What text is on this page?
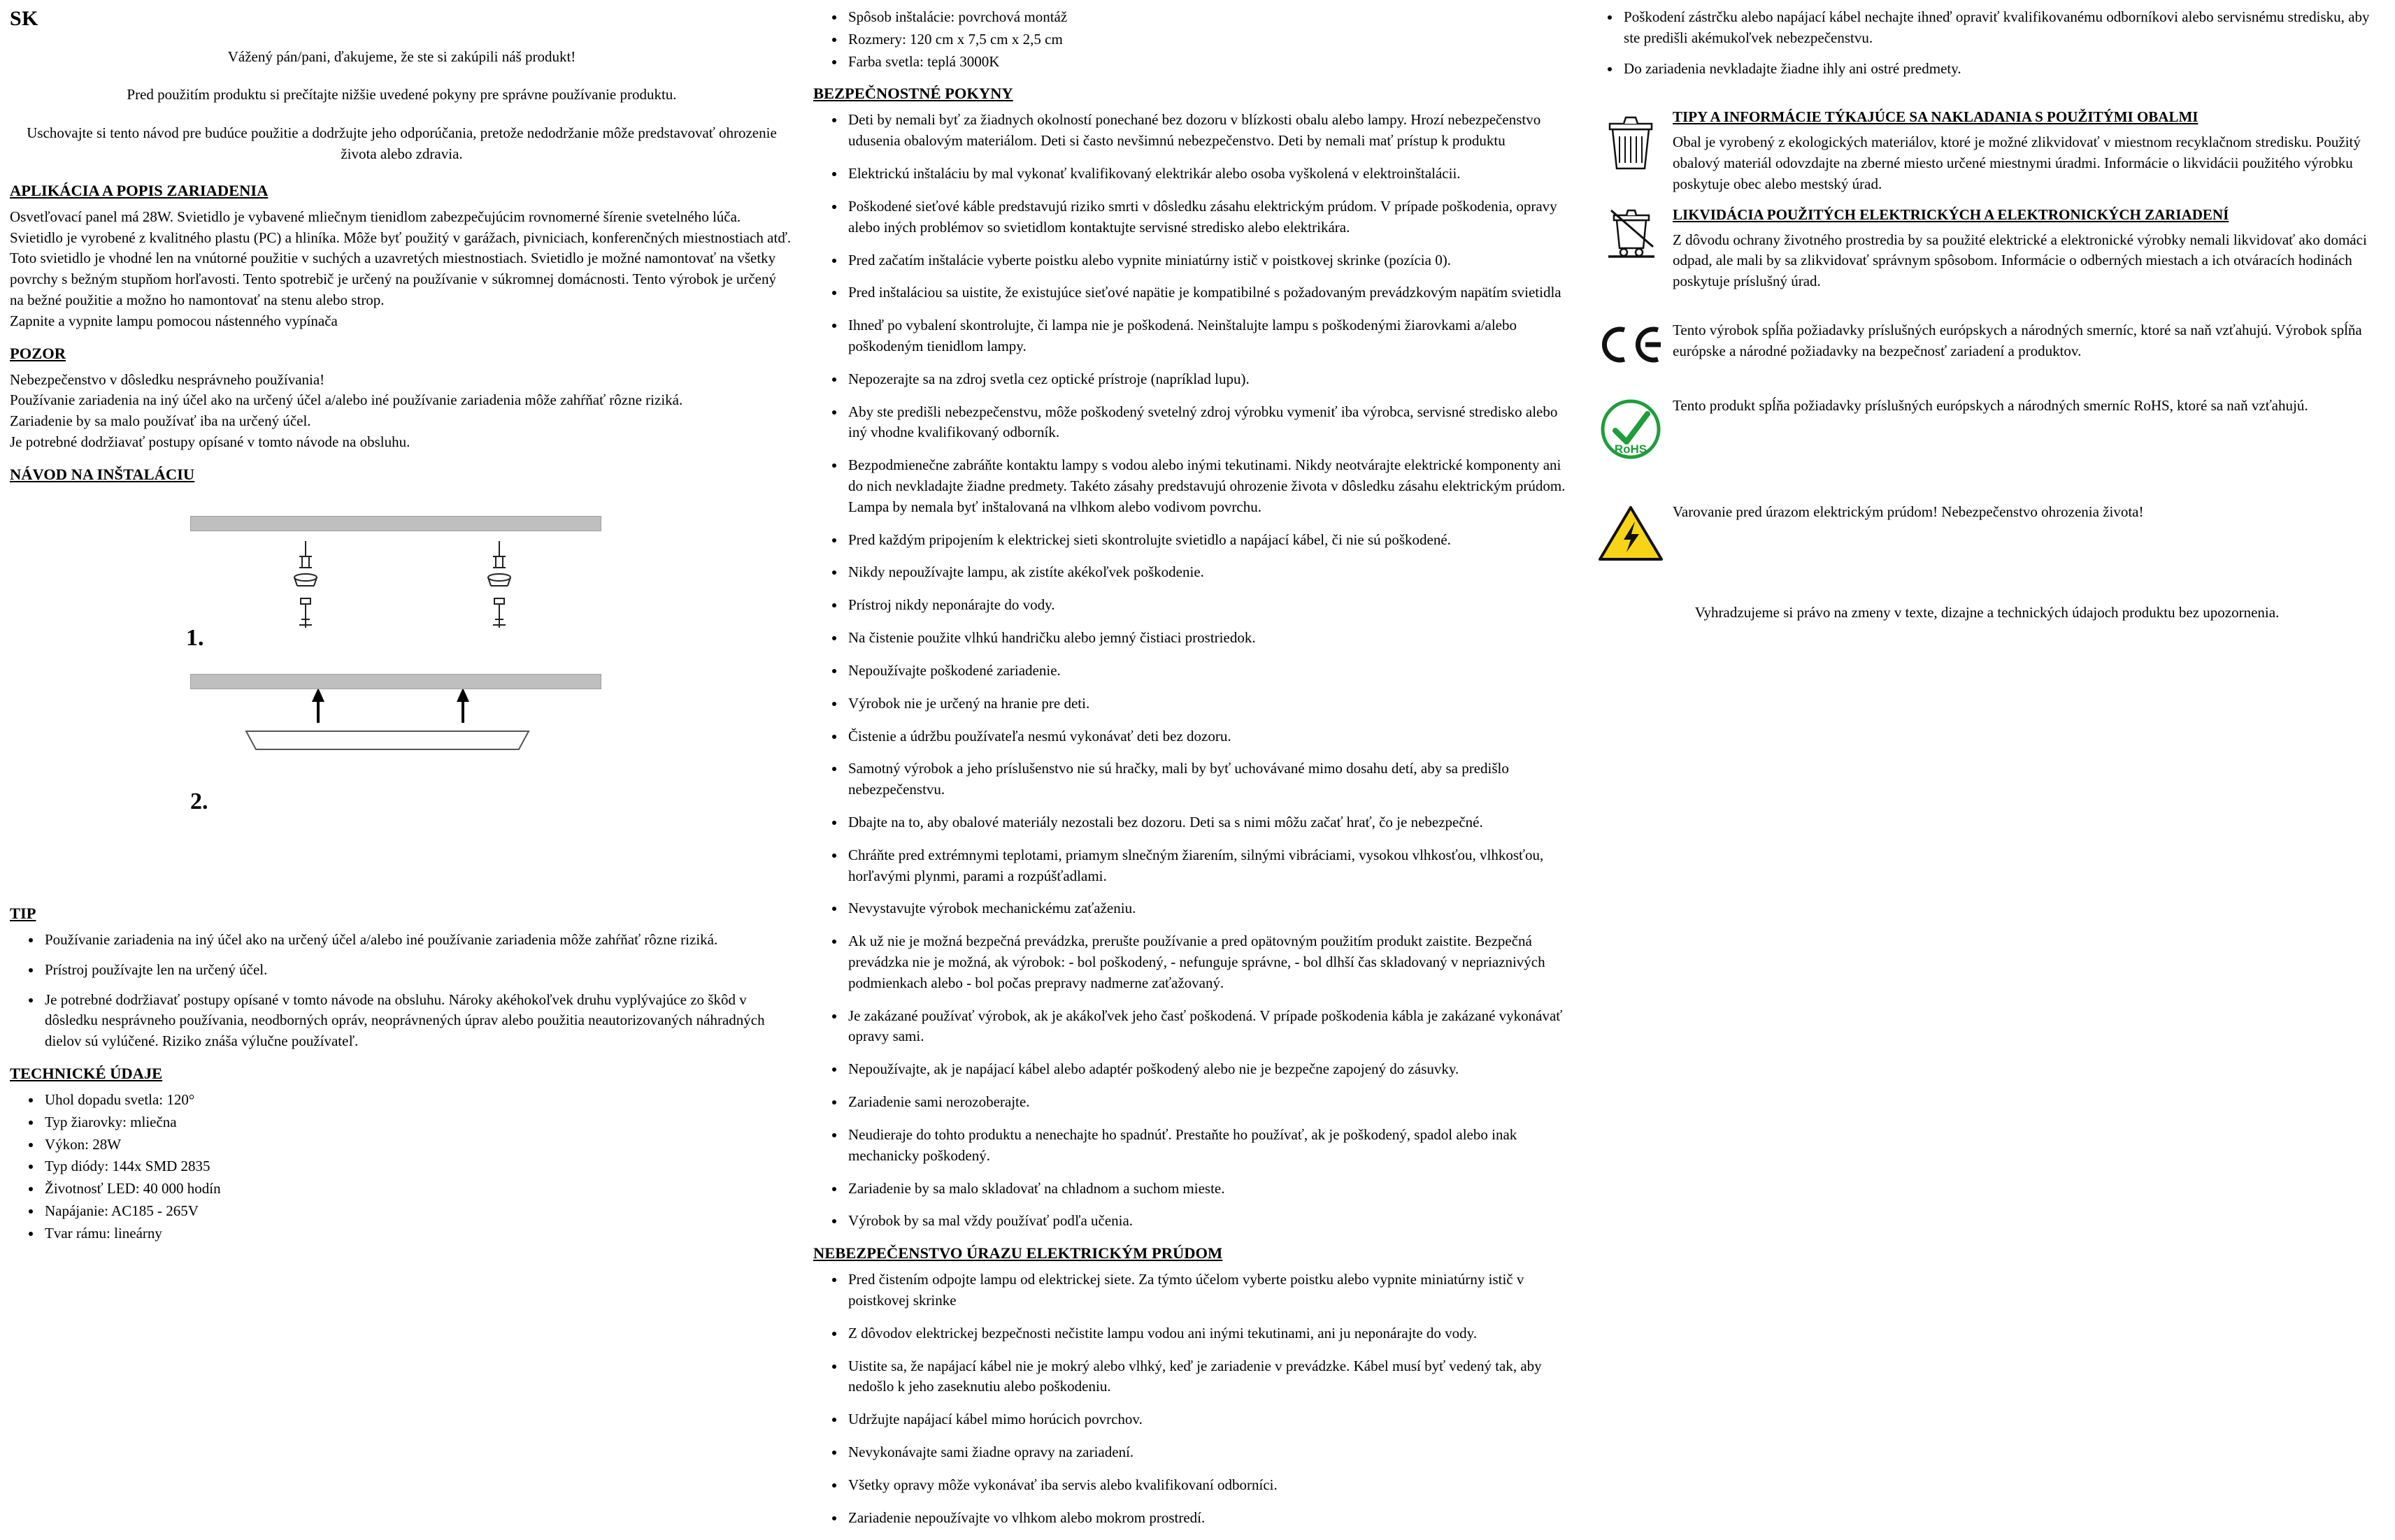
SK
Vážený pán/pani, ďakujeme, že ste si zakúpili náš produkt!
Pred použitím produktu si prečítajte nižšie uvedené pokyny pre správne používanie produktu.
Uschovajte si tento návod pre budúce použitie a dodržujte jeho odporúčania, pretože nedodržanie môže predstavovať ohrozenie života alebo zdravia.
APLIKÁCIA A POPIS ZARIADENIA

Osvetľovací panel má 28W. Svietidlo je vybavené mliečnym tienidlom zabezpečujúcim rovnomerné šírenie svetelného lúča.

Svietidlo je vyrobené z kvalitného plastu (PC) a hliníka. Môže byť použitý v garážach, pivniciach, konferenčných miestnostiach atď.

Toto svietidlo je vhodné len na vnútorné použitie v suchých a uzavretých miestnostiach. Svietidlo je možné namontovať na všetky povrchy s bežným stupňom horľavosti. Tento spotrebič je určený na používanie v súkromnej domácnosti. Tento výrobok je určený na bežné použitie a možno ho namontovať na stenu alebo strop.

Zapnite a vypnite lampu pomocou nástenného vypínača

POZOR

Nebezpečenstvo v dôsledku nesprávneho používania!

Používanie zariadenia na iný účel ako na určený účel a/alebo iné používanie zariadenia môže zahŕňať rôzne riziká.

Zariadenie by sa malo používať iba na určený účel.

Je potrebné dodržiavať postupy opísané v tomto návode na obsluhu.

NÁVOD NA INŠTALÁCIU
1.
2.
TIP
• Používanie zariadenia na iný účel ako na určený účel a/alebo iné používanie zariadenia môže zahŕňať rôzne riziká.
• Prístroj používajte len na určený účel.
• Je potrebné dodržiavať postupy opísané v tomto návode na obsluhu. Nároky akéhokoľvek druhu vyplývajúce zo škôd v dôsledku nesprávneho používania, neodborných opráv, neoprávnených úprav alebo použitia neautorizovaných náhradných dielov sú vylúčené. Riziko znáša výlučne používateľ.
TECHNICKÉ ÚDAJE
• Uhol dopadu svetla: 120°
• Typ žiarovky: mliečna
• Výkon: 28W
• Typ diódy: 144x SMD 2835
• Životnosť LED: 40 000 hodín
• Napájanie: AC185 - 265V
• Tvar rámu: lineárny
• Spôsob inštalácie: povrchová montáž
• Rozmery: 120 cm x 7,5 cm x 2,5 cm
• Farba svetla: teplá 3000K
BEZPEČNOSTNÉ POKYNY
• Deti by nemali byť za žiadnych okolností ponechané bez dozoru v blízkosti obalu alebo lampy. Hrozí nebezpečenstvo udusenia obalovým materiálom. Deti si často nevšimnú nebezpečenstvo. Deti by nemali mať prístup k produktu
• Elektrickú inštaláciu by mal vykonať kvalifikovaný elektrikár alebo osoba vyškolená v elektroinštalácii.
• Poškodené sieťové káble predstavujú riziko smrti v dôsledku zásahu elektrickým prúdom. V prípade poškodenia, opravy alebo iných problémov so svietidlom kontaktujte servisné stredisko alebo elektrikára.
• Pred začatím inštalácie vyberte poistku alebo vypnite miniatúrny istič v poistkovej skrinke (pozícia 0).
• Pred inštaláciou sa uistite, že existujúce sieťové napätie je kompatibilné s požadovaným prevádzkovým napätím svietidla
• Ihneď po vybalení skontrolujte, či lampa nie je poškodená. Neinštalujte lampu s poškodenými žiarovkami a/alebo poškodeným tienidlom lampy.
• Nepozerajte sa na zdroj svetla cez optické prístroje (napríklad lupu).
• Aby ste predišli nebezpečenstvu, môže poškodený svetelný zdroj výrobku vymeniť iba výrobca, servisné stredisko alebo iný vhodne kvalifikovaný odborník.
• Bezpodmienečne zabráňte kontaktu lampy s vodou alebo inými tekutinami. Nikdy neotvárajte elektrické komponenty ani do nich nevkladajte žiadne predmety. Takéto zásahy predstavujú ohrozenie života v dôsledku zásahu elektrickým prúdom. Lampa by nemala byť inštalovaná na vlhkom alebo vodivom povrchu.
• Pred každým pripojením k elektrickej sieti skontrolujte svietidlo a napájací kábel, či nie sú poškodené.
• Nikdy nepoužívajte lampu, ak zistíte akékoľvek poškodenie.
• Prístroj nikdy neponárajte do vody.
• Na čistenie použite vlhkú handričku alebo jemný čistiaci prostriedok.
• Nepoužívajte poškodené zariadenie.
• Výrobok nie je určený na hranie pre deti.
• Čistenie a údržbu používateľa nesmú vykonávať deti bez dozoru.
• Samotný výrobok a jeho príslušenstvo nie sú hračky, mali by byť uchovávané mimo dosahu detí, aby sa predišlo nebezpečenstvu.
• Dbajte na to, aby obalové materiály nezostali bez dozoru. Deti sa s nimi môžu začať hrať, čo je nebezpečné.
• Chráňte pred extrémnymi teplotami, priamym slnečným žiarením, silnými vibráciami, vysokou vlhkosťou, vlhkosťou, horľavými plynmi, parami a rozpúšťadlami.
• Nevystavujte výrobok mechanickému zaťaženiu.
• Ak už nie je možná bezpečná prevádzka, prerušte používanie a pred opätovným použitím produkt zaistite. Bezpečná prevádzka nie je možná, ak výrobok: - bol poškodený, - nefunguje správne, - bol dlhší čas skladovaný v nepriaznivých podmienkach alebo - bol počas prepravy nadmerne zaťažovaný.
• Je zakázané používať výrobok, ak je akákoľvek jeho časť poškodená. V prípade poškodenia kábla je zakázané vykonávať opravy sami.
• Nepoužívajte, ak je napájací kábel alebo adaptér poškodený alebo nie je bezpečne zapojený do zásuvky.
• Zariadenie sami nerozoberajte.
• Neudieraje do tohto produktu a nenechajte ho spadnúť. Prestaňte ho používať, ak je poškodený, spadol alebo inak mechanicky poškodený.
• Zariadenie by sa malo skladovať na chladnom a suchom mieste.
• Výrobok by sa mal vždy používať podľa učenia.
NEBEZPEČENSTVO ÚRAZU ELEKTRICKÝM PRÚDOM
• Pred čistením odpojte lampu od elektrickej siete. Za týmto účelom vyberte poistku alebo vypnite miniatúrny istič v poistkovej skrinke
• Z dôvodov elektrickej bezpečnosti nečistite lampu vodou ani inými tekutinami, ani ju neponárajte do vody.
• Uistite sa, že napájací kábel nie je mokrý alebo vlhký, keď je zariadenie v prevádzke. Kábel musí byť vedený tak, aby nedošlo k jeho zaseknutiu alebo poškodeniu.
• Udržujte napájací kábel mimo horúcich povrchov.
• Nevykonávajte sami žiadne opravy na zariadení.
• Všetky opravy môže vykonávať iba servis alebo kvalifikovaní odborníci.
• Zariadenie nepoužívajte vo vlhkom alebo mokrom prostredí.
• Poškodení zástrčku alebo napájací kábel nechajte ihneď opraviť kvalifikovanému odborníkovi alebo servisnému stredisku, aby ste predišli akémukoľvek nebezpečenstvu.
• Do zariadenia nevkladajte žiadne ihly ani ostré predmety.
TIPY A INFORMÁCIE TÝKAJÚCE SA NAKLADANIA S POUŽITÝMI OBALMI
Obal je vyrobený z ekologických materiálov, ktoré je možné zlikvidovať v miestnom recyklačnom stredisku. Použitý obalový materiál odovzdajte na zberné miesto určené miestnymi úradmi. Informácie o likvidácii použitého výrobku poskytuje obec alebo mestský úrad.
LIKVIDÁCIA POUŽITÝCH ELEKTRICKÝCH A ELEKTRONICKÝCH ZARIADENÍ
Z dôvodu ochrany životného prostredia by sa použité elektrické a elektronické výrobky nemali likvidovať ako domáci odpad, ale mali by sa zlikvidovať správnym spôsobom. Informácie o odberných miestach a ich otváracích hodinách poskytuje príslušný úrad.
Tento výrobok spĺňa požiadavky príslušných európskych a národných smerníc, ktoré sa naň vzťahujú. Výrobok spĺňa európske a národné požiadavky na bezpečnosť zariadení a produktov.
RoHS
Tento produkt spĺňa požiadavky príslušných európskych a národných smerníc RoHS, ktoré sa naň vzťahujú.
Varovanie pred úrazom elektrickým prúdom! Nebezpečenstvo ohrozenia života!
Vyhradzujeme si právo na zmeny v texte, dizajne a technických údajoch produktu bez upozornenia.
